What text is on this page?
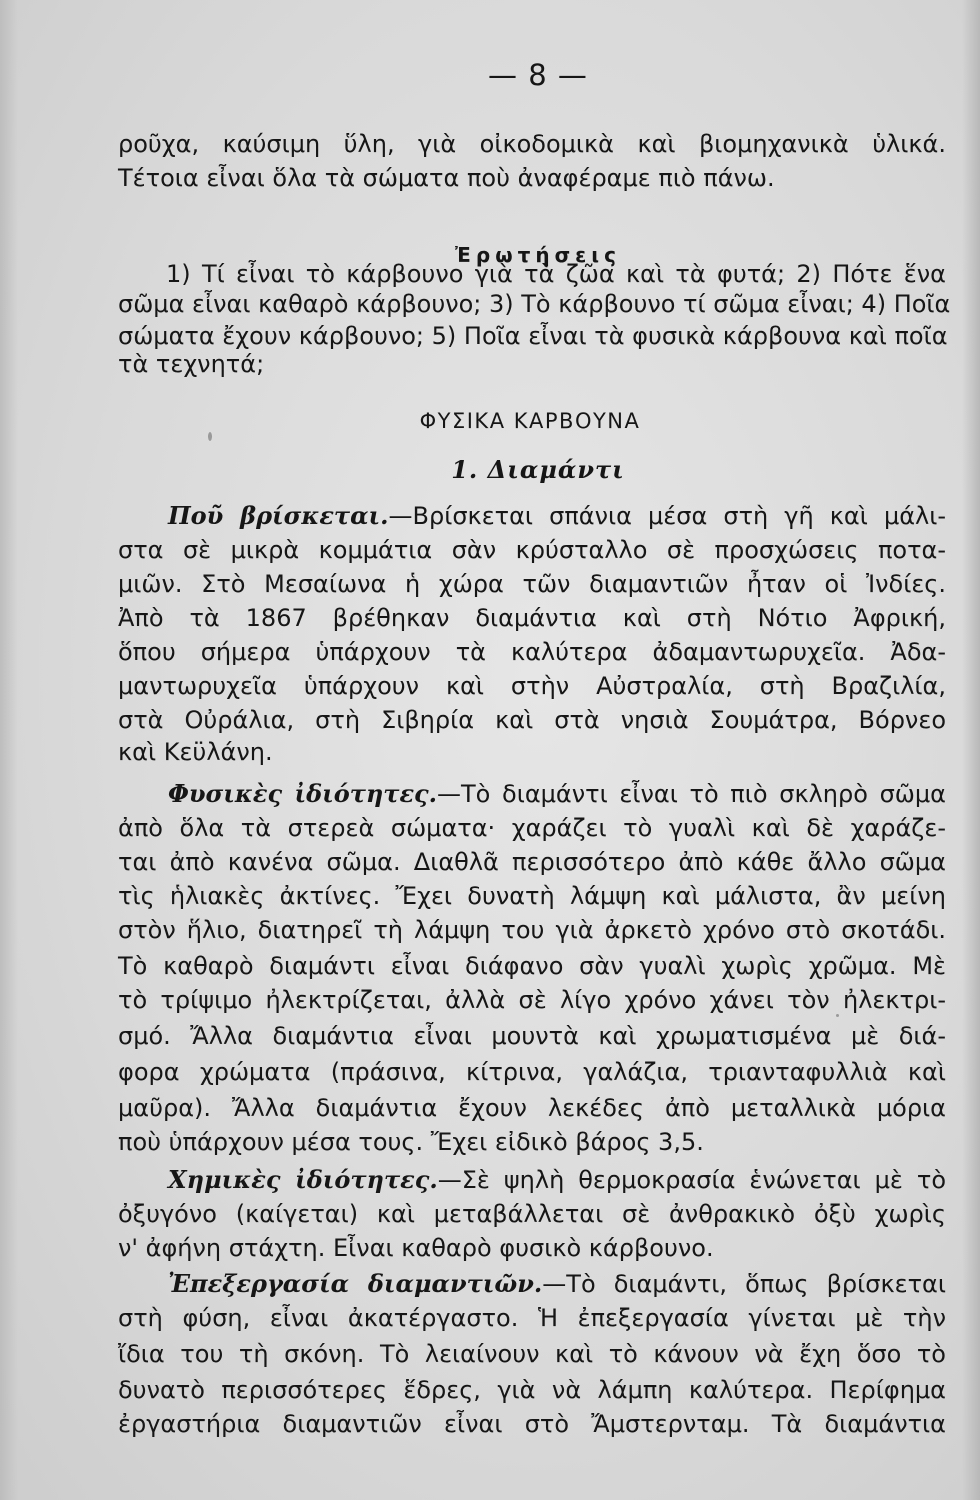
— 8 —
ροῦχα, καύσιμη ὕλη, γιὰ οἰκοδομικὰ καὶ βιομηχανικὰ ὑλικά.
Τέτοια εἶναι ὅλα τὰ σώματα ποὺ ἀναφέραμε πιὸ πάνω.
Ἐρωτήσεις
1) Τί εἶναι τὸ κάρβουνο γιὰ τὰ ζῶα καὶ τὰ φυτά; 2) Πότε ἕνα
σῶμα εἶναι καθαρὸ κάρβουνο; 3) Τὸ κάρβουνο τί σῶμα εἶναι; 4) Ποῖα
σώματα ἔχουν κάρβουνο; 5) Ποῖα εἶναι τὰ φυσικὰ κάρβουνα καὶ ποῖα
τὰ τεχνητά;
ΦΥΣΙΚΑ ΚΑΡΒΟΥΝΑ
1. Διαμάντι
Ποῦ βρίσκεται.—Βρίσκεται σπάνια μέσα στὴ γῆ καὶ μάλι-
στα σὲ μικρὰ κομμάτια σὰν κρύσταλλο σὲ προσχώσεις ποτα-
μιῶν. Στὸ Μεσαίωνα ἡ χώρα τῶν διαμαντιῶν ἦταν οἱ Ἰνδίες.
Ἀπὸ τὰ 1867 βρέθηκαν διαμάντια καὶ στὴ Νότιο Ἀφρική,
ὅπου σήμερα ὑπάρχουν τὰ καλύτερα ἀδαμαντωρυχεῖα. Ἀδα-
μαντωρυχεῖα ὑπάρχουν καὶ στὴν Αὐστραλία, στὴ Βραζιλία,
στὰ Οὐράλια, στὴ Σιβηρία καὶ στὰ νησιὰ Σουμάτρα, Βόρνεο
καὶ Κεϋλάνη.
Φυσικὲς ἰδιότητες.—Τὸ διαμάντι εἶναι τὸ πιὸ σκληρὸ σῶμα
ἀπὸ ὅλα τὰ στερεὰ σώματα· χαράζει τὸ γυαλὶ καὶ δὲ χαράζε-
ται ἀπὸ κανένα σῶμα. Διαθλᾶ περισσότερο ἀπὸ κάθε ἄλλο σῶμα
τὶς ἡλιακὲς ἀκτίνες. Ἔχει δυνατὴ λάμψη καὶ μάλιστα, ἂν μείνη
στὸν ἥλιο, διατηρεῖ τὴ λάμψη του γιὰ ἀρκετὸ χρόνο στὸ σκοτάδι.
Τὸ καθαρὸ διαμάντι εἶναι διάφανο σὰν γυαλὶ χωρὶς χρῶμα. Μὲ
τὸ τρίψιμο ἠλεκτρίζεται, ἀλλὰ σὲ λίγο χρόνο χάνει τὸν ἠλεκτρι-
σμό. Ἄλλα διαμάντια εἶναι μουντὰ καὶ χρωματισμένα μὲ διά-
φορα χρώματα (πράσινα, κίτρινα, γαλάζια, τριανταφυλλιὰ καὶ
μαῦρα). Ἄλλα διαμάντια ἔχουν λεκέδες ἀπὸ μεταλλικὰ μόρια
ποὺ ὑπάρχουν μέσα τους. Ἔχει εἰδικὸ βάρος 3,5.
Χημικὲς ἰδιότητες.—Σὲ ψηλὴ θερμοκρασία ἑνώνεται μὲ τὸ
ὀξυγόνο (καίγεται) καὶ μεταβάλλεται σὲ ἀνθρακικὸ ὀξὺ χωρὶς
ν' ἀφήνη στάχτη. Εἶναι καθαρὸ φυσικὸ κάρβουνο.
Ἐπεξεργασία διαμαντιῶν.—Τὸ διαμάντι, ὅπως βρίσκεται
στὴ φύση, εἶναι ἀκατέργαστο. Ἡ ἐπεξεργασία γίνεται μὲ τὴν
ἴδια του τὴ σκόνη. Τὸ λειαίνουν καὶ τὸ κάνουν νὰ ἔχη ὅσο τὸ
δυνατὸ περισσότερες ἕδρες, γιὰ νὰ λάμπη καλύτερα. Περίφημα
ἐργαστήρια διαμαντιῶν εἶναι στὸ Ἄμστερνταμ. Τὰ διαμάντια
